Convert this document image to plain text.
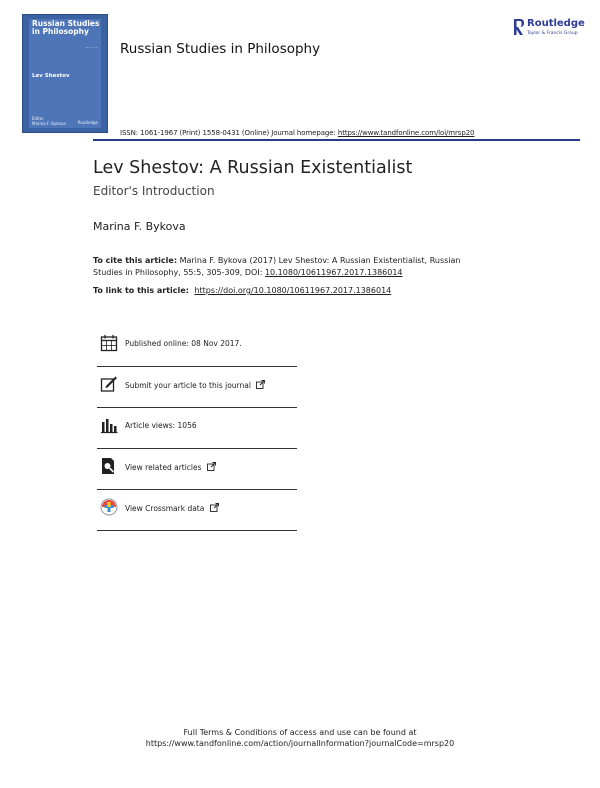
Russian Studies in Philosophy
— — —
Lev Shestov
Editor
Marina F. Bykova	Routledge
Russian Studies in Philosophy
Routledge
Taylor & Francis Group
ISSN: 1061-1967 (Print) 1558-0431 (Online) Journal homepage: https://www.tandfonline.com/loi/mrsp20
Lev Shestov: A Russian Existentialist
Editor's Introduction
Marina F. Bykova
To cite this article: Marina F. Bykova (2017) Lev Shestov: A Russian Existentialist, Russian Studies in Philosophy, 55:5, 305-309, DOI: 10.1080/10611967.2017.1386014
To link to this article: https://doi.org/10.1080/10611967.2017.1386014
Published online: 08 Nov 2017.
Submit your article to this journal
Article views: 1056
View related articles
View Crossmark data
Full Terms & Conditions of access and use can be found at
https://www.tandfonline.com/action/journalInformation?journalCode=mrsp20
